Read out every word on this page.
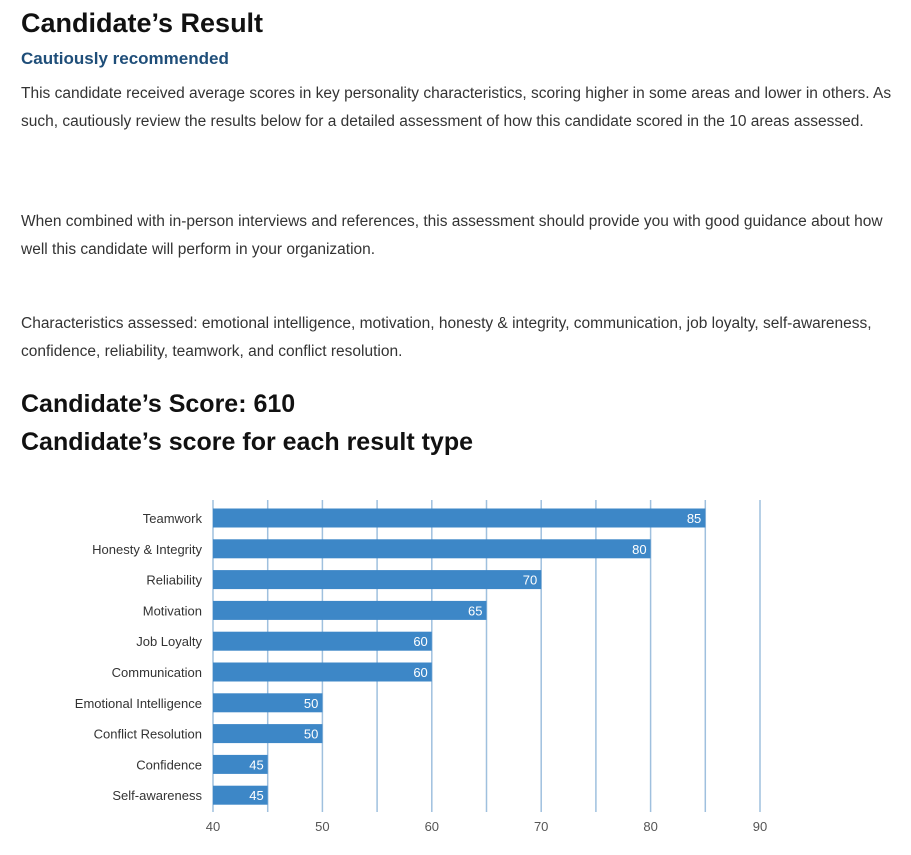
Candidate’s Result
Cautiously recommended

This candidate received average scores in key personality characteristics, scoring higher in some areas and lower in others. As such, cautiously review the results below for a detailed assessment of how this candidate scored in the 10 areas assessed.

When combined with in-person interviews and references, this assessment should provide you with good guidance about how well this candidate will perform in your organization.

Characteristics assessed: emotional intelligence, motivation, honesty & integrity, communication, job loyalty, self-awareness, confidence, reliability, teamwork, and conflict resolution.

Candidate’s Score: 610
Candidate’s score for each result type
40	50	60	70	80	90
85
Teamwork
80
Honesty & Integrity
70
Reliability
65
Motivation
60
Job Loyalty
60
Communication
50
Emotional Intelligence
50
Conflict Resolution
45
Confidence
45
Self-awareness
